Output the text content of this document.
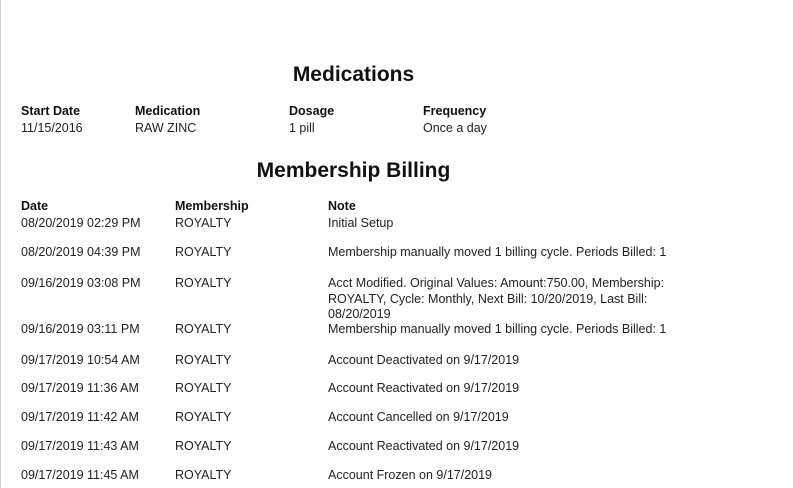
Medications
Start Date	Medication	Dosage	Frequency
11/15/2016	RAW ZINC	1 pill	Once a day
Membership Billing
Date	Membership	Note
08/20/2019 02:29 PM	ROYALTY	Initial Setup
08/20/2019 04:39 PM	ROYALTY	Membership manually moved 1 billing cycle. Periods Billed: 1
09/16/2019 03:08 PM	ROYALTY	Acct Modified. Original Values: Amount:750.00, Membership: ROYALTY, Cycle: Monthly, Next Bill: 10/20/2019, Last Bill: 08/20/2019
09/16/2019 03:11 PM	ROYALTY	Membership manually moved 1 billing cycle. Periods Billed: 1
09/17/2019 10:54 AM	ROYALTY	Account Deactivated on 9/17/2019
09/17/2019 11:36 AM	ROYALTY	Account Reactivated on 9/17/2019
09/17/2019 11:42 AM	ROYALTY	Account Cancelled on 9/17/2019
09/17/2019 11:43 AM	ROYALTY	Account Reactivated on 9/17/2019
09/17/2019 11:45 AM	ROYALTY	Account Frozen on 9/17/2019
